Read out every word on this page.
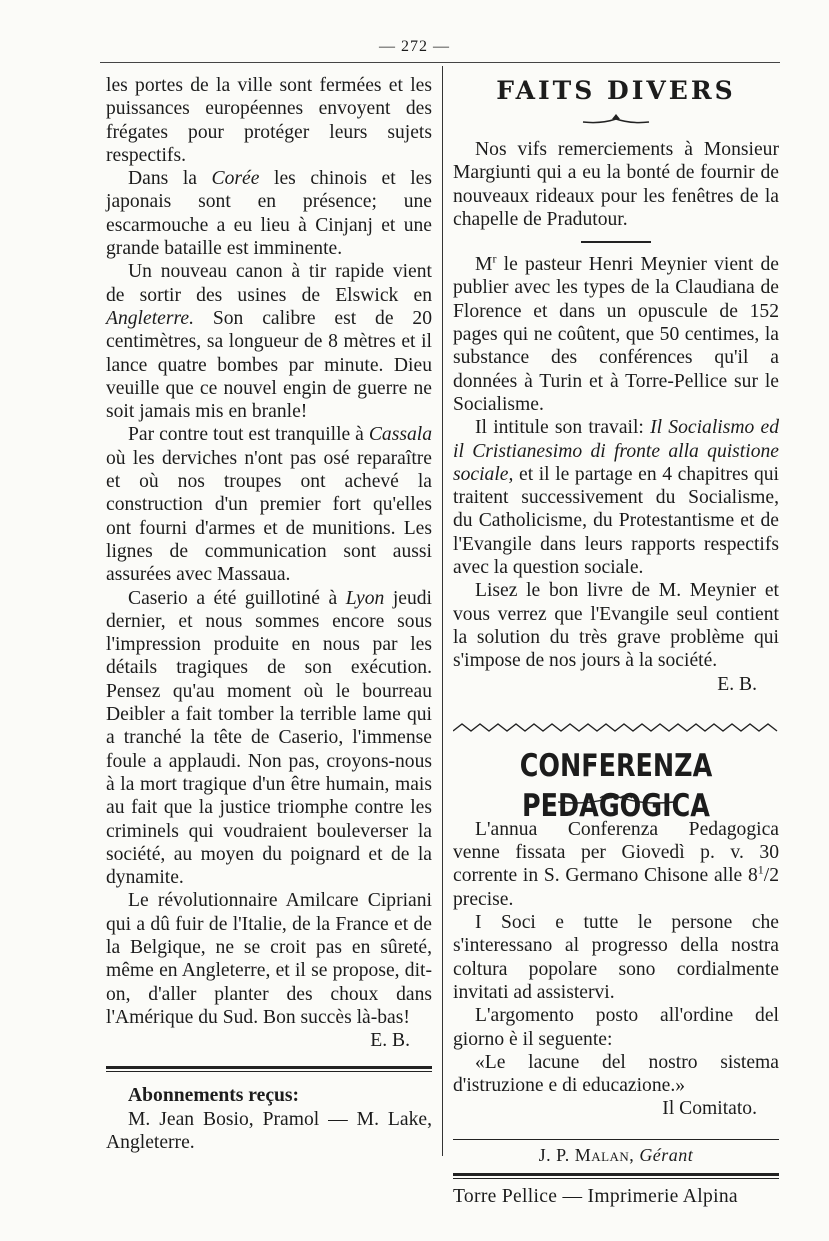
— 272 —

les portes de la ville sont fermées et les puissances européennes envoyent des frégates pour protéger leurs sujets respectifs.

Dans la Corée les chinois et les japonais sont en présence; une escarmouche a eu lieu à Cinjanj et une grande bataille est imminente.

Un nouveau canon à tir rapide vient de sortir des usines de Elswick en Angleterre. Son calibre est de 20 centimètres, sa longueur de 8 mètres et il lance quatre bombes par minute. Dieu veuille que ce nouvel engin de guerre ne soit jamais mis en branle!

Par contre tout est tranquille à Cassala où les derviches n'ont pas osé reparaître et où nos troupes ont achevé la construction d'un premier fort qu'elles ont fourni d'armes et de munitions. Les lignes de communication sont aussi assurées avec Massaua.

Caserio a été guillotiné à Lyon jeudi dernier, et nous sommes encore sous l'impression produite en nous par les détails tragiques de son exécution. Pensez qu'au moment où le bourreau Deibler a fait tomber la terrible lame qui a tranché la tête de Caserio, l'immense foule a applaudi. Non pas, croyons-nous à la mort tragique d'un être humain, mais au fait que la justice triomphe contre les criminels qui voudraient bouleverser la société, au moyen du poignard et de la dynamite.

Le révolutionnaire Amilcare Cipriani qui a dû fuir de l'Italie, de la France et de la Belgique, ne se croit pas en sûreté, même en Angleterre, et il se propose, dit-on, d'aller planter des choux dans l'Amérique du Sud. Bon succès là-bas!

E. B.

Abonnements reçus:

M. Jean Bosio, Pramol — M. Lake, Angleterre.

FAITS DIVERS

Nos vifs remerciements à Monsieur Margiunti qui a eu la bonté de fournir de nouveaux rideaux pour les fenêtres de la chapelle de Pradutour.

$M^r$ le pasteur Henri Meynier vient de publier avec les types de la Claudiana de Florence et dans un opuscule de 152 pages qui ne coûtent, que 50 centimes, la substance des conférences qu'il a données à Turin et à Torre-Pellice sur le Socialisme.

Il intitule son travail: Il Socialismo ed il Cristianesimo di fronte alla quistione sociale, et il le partage en 4 chapitres qui traitent successivement du Socialisme, du Catholicisme, du Protestantisme et de l'Evangile dans leurs rapports respectifs avec la question sociale.

Lisez le bon livre de M. Meynier et vous verrez que l'Evangile seul contient la solution du très grave problème qui s'impose de nos jours à la société.

E. B.

CONFERENZA PEDAGOGICA

L'annua Conferenza Pedagogica venne fissata per Giovedì p. v. 30 corrente in S. Germano Chisone alle $8^1/2$ precise.

I Soci e tutte le persone che s'interessano al progresso della nostra coltura popolare sono cordialmente invitati ad assistervi.

L'argomento posto all'ordine del giorno è il seguente:

«Le lacune del nostro sistema d'istruzione e di educazione.»

Il Comitato.

J. P. Malan, Gérant

Torre Pellice — Imprimerie Alpina
